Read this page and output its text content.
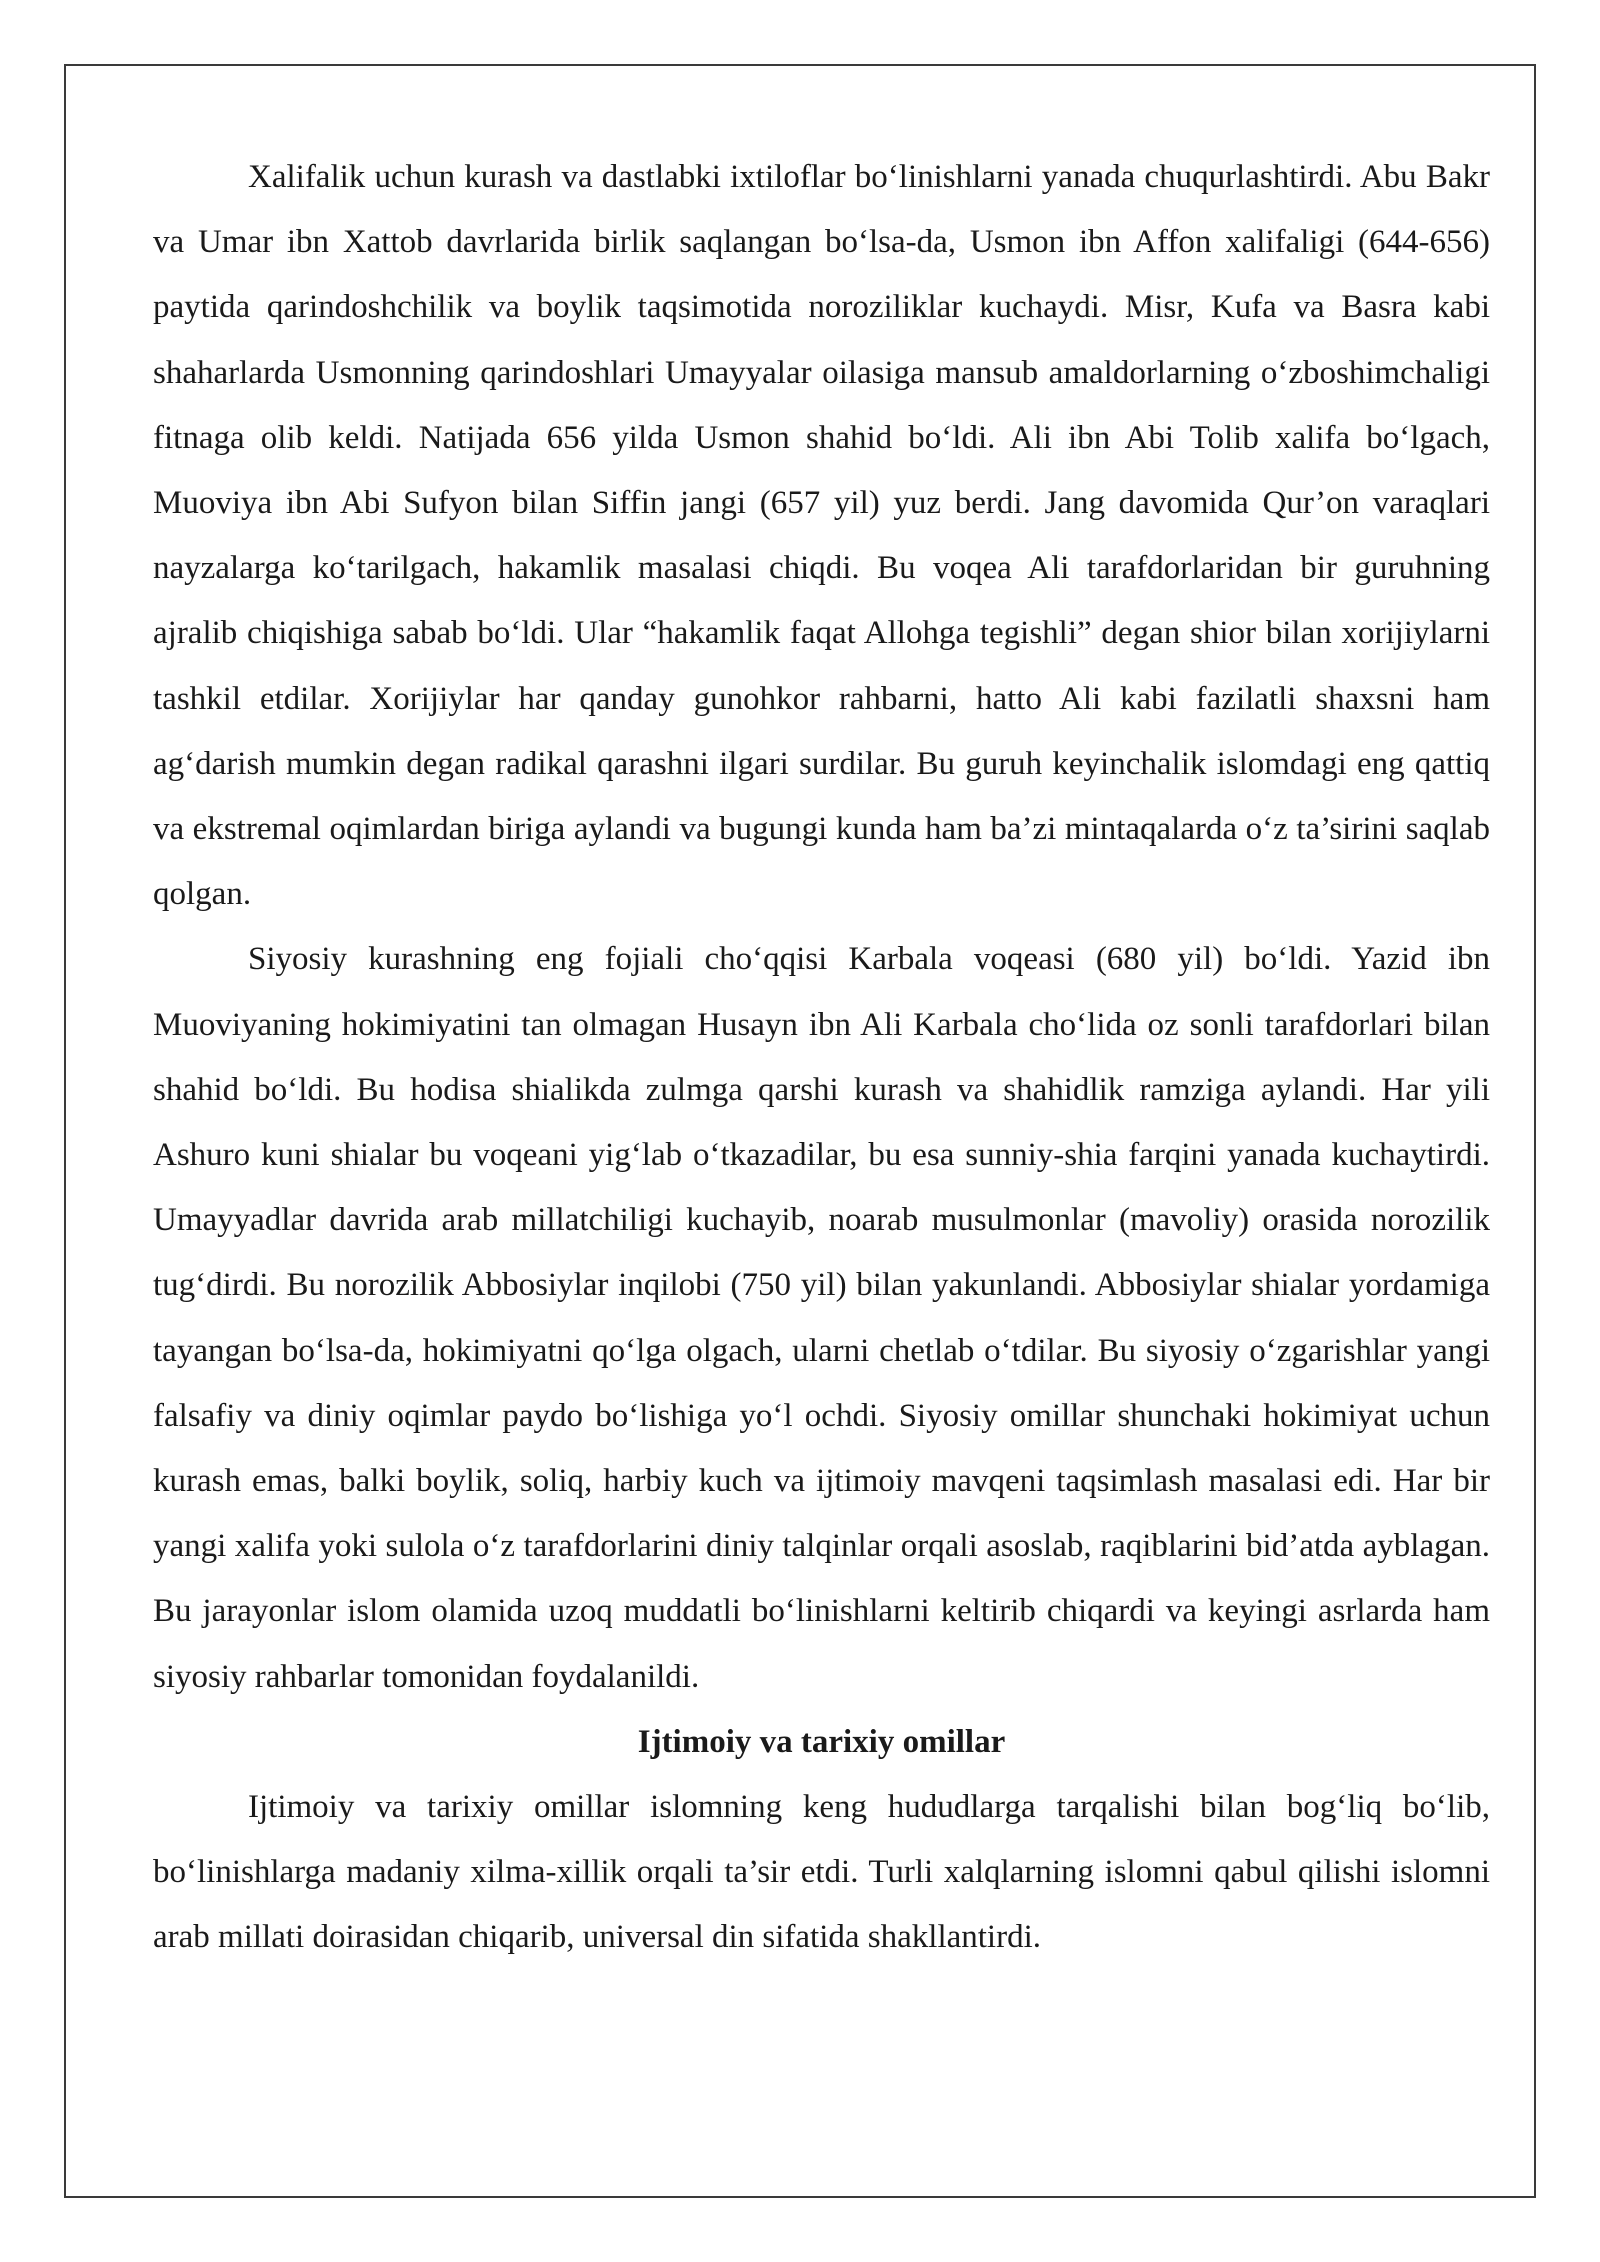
Xalifalik uchun kurash va dastlabki ixtiloflar bo‘linishlarni yanada chuqurlashtirdi. Abu Bakr va Umar ibn Xattob davrlarida birlik saqlangan bo‘lsa-da, Usmon ibn Affon xalifaligi (644-656) paytida qarindoshchilik va boylik taqsimotida noroziliklar kuchaydi. Misr, Kufa va Basra kabi shaharlarda Usmonning qarindoshlari Umayyalar oilasiga mansub amaldorlarning o‘zboshimchaligi fitnaga olib keldi. Natijada 656 yilda Usmon shahid bo‘ldi. Ali ibn Abi Tolib xalifa bo‘lgach, Muoviya ibn Abi Sufyon bilan Siffin jangi (657 yil) yuz berdi. Jang davomida Qur’on varaqlari nayzalarga ko‘tarilgach, hakamlik masalasi chiqdi. Bu voqea Ali tarafdorlaridan bir guruhning ajralib chiqishiga sabab bo‘ldi. Ular “hakamlik faqat Allohga tegishli” degan shior bilan xorijiylarni tashkil etdilar. Xorijiylar har qanday gunohkor rahbarni, hatto Ali kabi fazilatli shaxsni ham ag‘darish mumkin degan radikal qarashni ilgari surdilar. Bu guruh keyinchalik islomdagi eng qattiq va ekstremal oqimlardan biriga aylandi va bugungi kunda ham ba’zi mintaqalarda o‘z ta’sirini saqlab qolgan.

Siyosiy kurashning eng fojiali cho‘qqisi Karbala voqeasi (680 yil) bo‘ldi. Yazid ibn Muoviyaning hokimiyatini tan olmagan Husayn ibn Ali Karbala cho‘lida oz sonli tarafdorlari bilan shahid bo‘ldi. Bu hodisa shialikda zulmga qarshi kurash va shahidlik ramziga aylandi. Har yili Ashuro kuni shialar bu voqeani yig‘lab o‘tkazadilar, bu esa sunniy-shia farqini yanada kuchaytirdi. Umayyadlar davrida arab millatchiligi kuchayib, noarab musulmonlar (mavoliy) orasida norozilik tug‘dirdi. Bu norozilik Abbosiylar inqilobi (750 yil) bilan yakunlandi. Abbosiylar shialar yordamiga tayangan bo‘lsa-da, hokimiyatni qo‘lga olgach, ularni chetlab o‘tdilar. Bu siyosiy o‘zgarishlar yangi falsafiy va diniy oqimlar paydo bo‘lishiga yo‘l ochdi. Siyosiy omillar shunchaki hokimiyat uchun kurash emas, balki boylik, soliq, harbiy kuch va ijtimoiy mavqeni taqsimlash masalasi edi. Har bir yangi xalifa yoki sulola o‘z tarafdorlarini diniy talqinlar orqali asoslab, raqiblarini bid’atda ayblagan. Bu jarayonlar islom olamida uzoq muddatli bo‘linishlarni keltirib chiqardi va keyingi asrlarda ham siyosiy rahbarlar tomonidan foydalanildi.

Ijtimoiy va tarixiy omillar

Ijtimoiy va tarixiy omillar islomning keng hududlarga tarqalishi bilan bog‘liq bo‘lib, bo‘linishlarga madaniy xilma-xillik orqali ta’sir etdi. Turli xalqlarning islomni qabul qilishi islomni arab millati doirasidan chiqarib, universal din sifatida shakllantirdi.
